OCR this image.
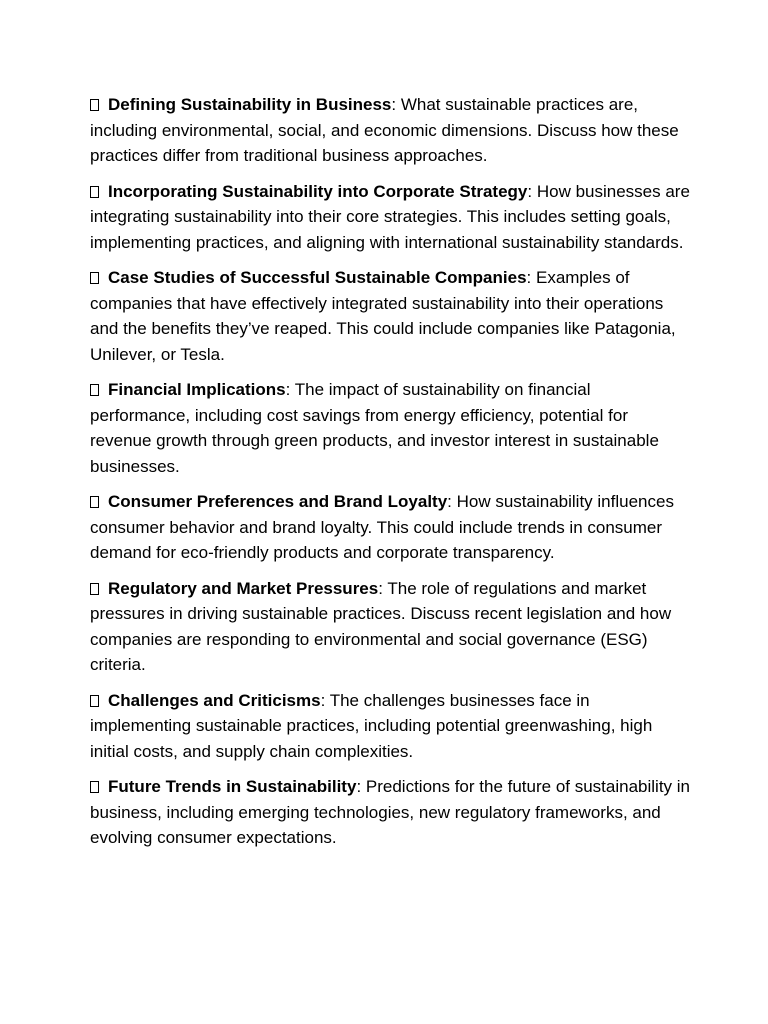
Defining Sustainability in Business: What sustainable practices are, including environmental, social, and economic dimensions. Discuss how these practices differ from traditional business approaches.

Incorporating Sustainability into Corporate Strategy: How businesses are integrating sustainability into their core strategies. This includes setting goals, implementing practices, and aligning with international sustainability standards.

Case Studies of Successful Sustainable Companies: Examples of companies that have effectively integrated sustainability into their operations and the benefits they’ve reaped. This could include companies like Patagonia, Unilever, or Tesla.

Financial Implications: The impact of sustainability on financial performance, including cost savings from energy efficiency, potential for revenue growth through green products, and investor interest in sustainable businesses.

Consumer Preferences and Brand Loyalty: How sustainability influences consumer behavior and brand loyalty. This could include trends in consumer demand for eco-friendly products and corporate transparency.

Regulatory and Market Pressures: The role of regulations and market pressures in driving sustainable practices. Discuss recent legislation and how companies are responding to environmental and social governance (ESG) criteria.

Challenges and Criticisms: The challenges businesses face in implementing sustainable practices, including potential greenwashing, high initial costs, and supply chain complexities.

Future Trends in Sustainability: Predictions for the future of sustainability in business, including emerging technologies, new regulatory frameworks, and evolving consumer expectations.
